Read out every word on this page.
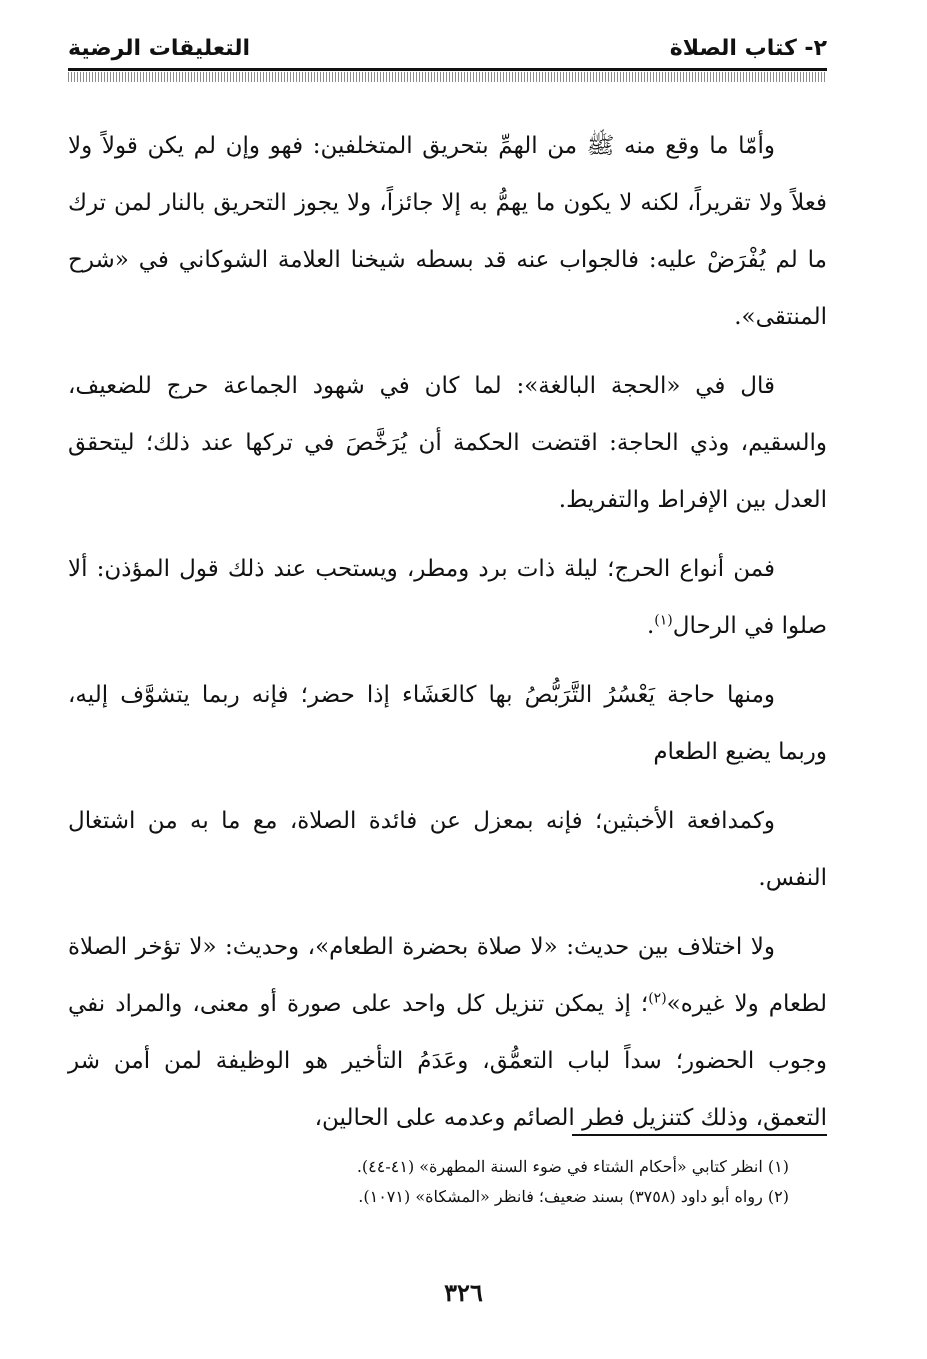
٢- كتاب الصلاة
التعليقات الرضية

وأمّا ما وقع منه ﷺ من الهمِّ بتحريق المتخلفين: فهو وإن لم يكن قولاً ولا فعلاً ولا تقريراً، لكنه لا يكون ما يهمُّ به إلا جائزاً، ولا يجوز التحريق بالنار لمن ترك ما لم يُفْرَضْ عليه: فالجواب عنه قد بسطه شيخنا العلامة الشوكاني في «شرح المنتقى».

قال في «الحجة البالغة»: لما كان في شهود الجماعة حرج للضعيف، والسقيم، وذي الحاجة: اقتضت الحكمة أن يُرَخَّصَ في تركها عند ذلك؛ ليتحقق العدل بين الإفراط والتفريط.

فمن أنواع الحرج؛ ليلة ذات برد ومطر، ويستحب عند ذلك قول المؤذن: ألا صلوا في الرحال$^{(١)}$.

ومنها حاجة يَعْسُرُ التَّرَبُّصُ بها كالعَشَاء إذا حضر؛ فإنه ربما يتشوَّف إليه، وربما يضيع الطعام

وكمدافعة الأخبثين؛ فإنه بمعزل عن فائدة الصلاة، مع ما به من اشتغال النفس.

ولا اختلاف بين حديث: «لا صلاة بحضرة الطعام»، وحديث: «لا تؤخر الصلاة لطعام ولا غيره»$^{(٢)}$؛ إذ يمكن تنزيل كل واحد على صورة أو معنى، والمراد نفي وجوب الحضور؛ سداً لباب التعمُّق، وعَدَمُ التأخير هو الوظيفة لمن أمن شر التعمق، وذلك كتنزيل فطر الصائم وعدمه على الحالين،

(١) انظر كتابي «أحكام الشتاء في ضوء السنة المطهرة» (٤١-٤٤).
(٢) رواه أبو داود (٣٧٥٨) بسند ضعيف؛ فانظر «المشكاة» (١٠٧١).
٣٢٦
